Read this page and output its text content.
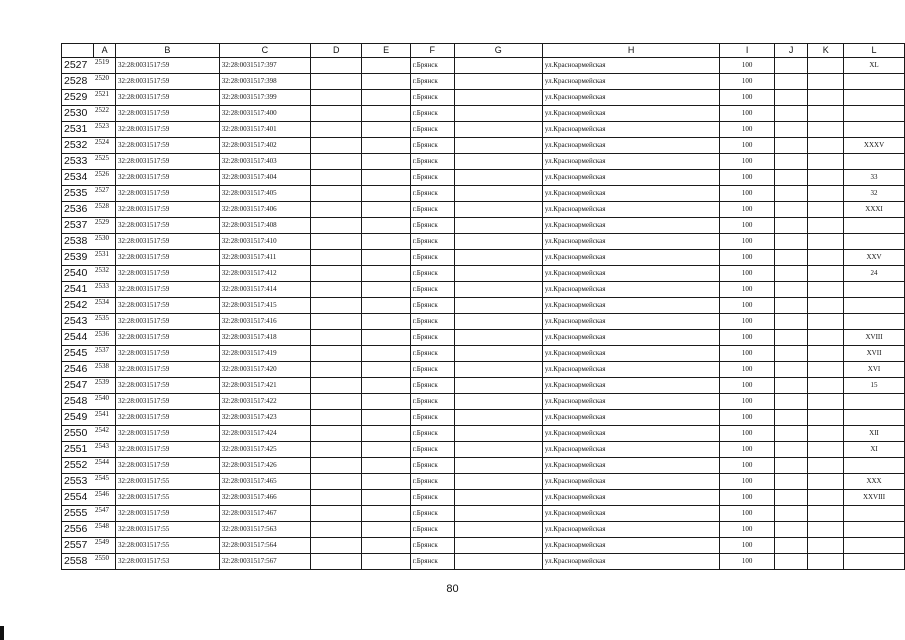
	A	B	C	D	E	F	G	H	I	J	K	L
2527	2519	32:28:0031517:59	32:28:0031517:397			г.Брянск		ул.Красноармейская	100			XL
2528	2520	32:28:0031517:59	32:28:0031517:398			г.Брянск		ул.Красноармейская	100			
2529	2521	32:28:0031517:59	32:28:0031517:399			г.Брянск		ул.Красноармейская	100			
2530	2522	32:28:0031517:59	32:28:0031517:400			г.Брянск		ул.Красноармейская	100			
2531	2523	32:28:0031517:59	32:28:0031517:401			г.Брянск		ул.Красноармейская	100			
2532	2524	32:28:0031517:59	32:28:0031517:402			г.Брянск		ул.Красноармейская	100			XXXV
2533	2525	32:28:0031517:59	32:28:0031517:403			г.Брянск		ул.Красноармейская	100			
2534	2526	32:28:0031517:59	32:28:0031517:404			г.Брянск		ул.Красноармейская	100			33
2535	2527	32:28:0031517:59	32:28:0031517:405			г.Брянск		ул.Красноармейская	100			32
2536	2528	32:28:0031517:59	32:28:0031517:406			г.Брянск		ул.Красноармейская	100			XXXI
2537	2529	32:28:0031517:59	32:28:0031517:408			г.Брянск		ул.Красноармейская	100			
2538	2530	32:28:0031517:59	32:28:0031517:410			г.Брянск		ул.Красноармейская	100			
2539	2531	32:28:0031517:59	32:28:0031517:411			г.Брянск		ул.Красноармейская	100			XXV
2540	2532	32:28:0031517:59	32:28:0031517:412			г.Брянск		ул.Красноармейская	100			24
2541	2533	32:28:0031517:59	32:28:0031517:414			г.Брянск		ул.Красноармейская	100			
2542	2534	32:28:0031517:59	32:28:0031517:415			г.Брянск		ул.Красноармейская	100			
2543	2535	32:28:0031517:59	32:28:0031517:416			г.Брянск		ул.Красноармейская	100			
2544	2536	32:28:0031517:59	32:28:0031517:418			г.Брянск		ул.Красноармейская	100			XVIII
2545	2537	32:28:0031517:59	32:28:0031517:419			г.Брянск		ул.Красноармейская	100			XVII
2546	2538	32:28:0031517:59	32:28:0031517:420			г.Брянск		ул.Красноармейская	100			XVI
2547	2539	32:28:0031517:59	32:28:0031517:421			г.Брянск		ул.Красноармейская	100			15
2548	2540	32:28:0031517:59	32:28:0031517:422			г.Брянск		ул.Красноармейская	100			
2549	2541	32:28:0031517:59	32:28:0031517:423			г.Брянск		ул.Красноармейская	100			
2550	2542	32:28:0031517:59	32:28:0031517:424			г.Брянск		ул.Красноармейская	100			XII
2551	2543	32:28:0031517:59	32:28:0031517:425			г.Брянск		ул.Красноармейская	100			XI
2552	2544	32:28:0031517:59	32:28:0031517:426			г.Брянск		ул.Красноармейская	100			
2553	2545	32:28:0031517:55	32:28:0031517:465			г.Брянск		ул.Красноармейская	100			XXX
2554	2546	32:28:0031517:55	32:28:0031517:466			г.Брянск		ул.Красноармейская	100			XXVIII
2555	2547	32:28:0031517:59	32:28:0031517:467			г.Брянск		ул.Красноармейская	100			
2556	2548	32:28:0031517:55	32:28:0031517:563			г.Брянск		ул.Красноармейская	100			
2557	2549	32:28:0031517:55	32:28:0031517:564			г.Брянск		ул.Красноармейская	100			
2558	2550	32:28:0031517:53	32:28:0031517:567			г.Брянск		ул.Красноармейская	100			
80
